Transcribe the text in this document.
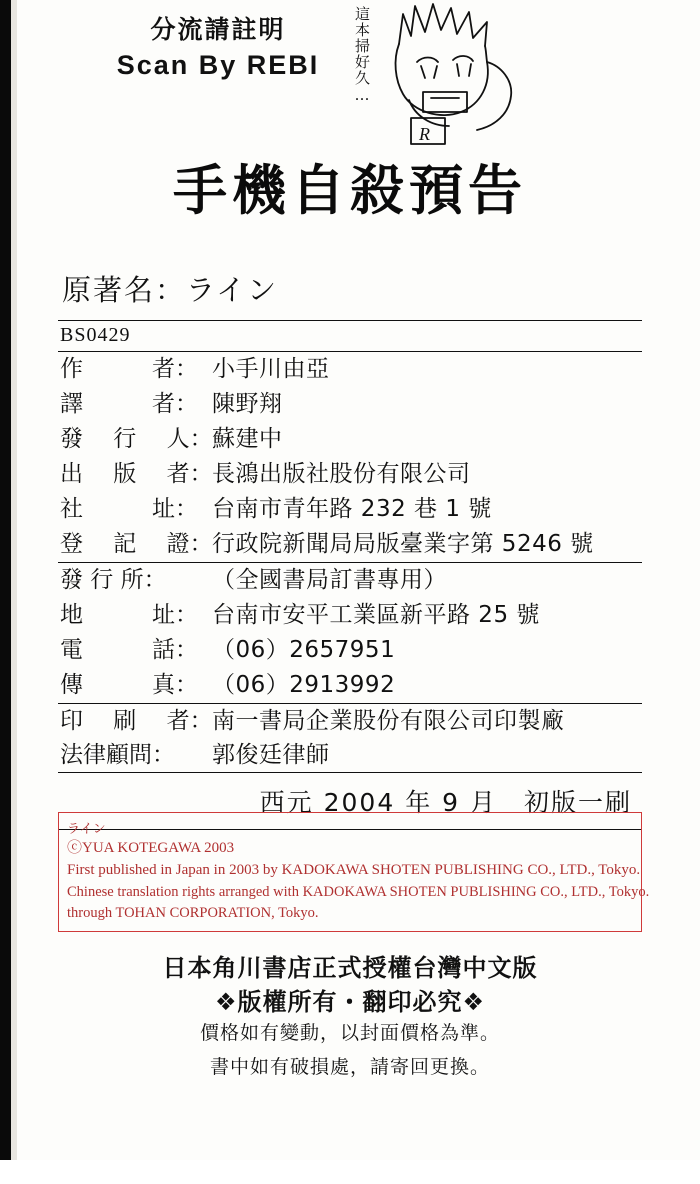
分流請註明
Scan By REBI
R
這本掃好久…
手機自殺預告
原著名：ライン
BS0429
作　　　者： 小手川由亞
譯　　　者： 陳野翔
發 　行 　人： 蘇建中
出 　版 　者： 長鴻出版社股份有限公司
社　　　址： 台南市青年路 232 巷 1 號
登 　記 　證： 行政院新聞局局版臺業字第 5246 號
發 行 所：	（全國書局訂書專用）
地　　　址： 台南市安平工業區新平路 25 號
電　　　話： （06）2657951
傳　　　真： （06）2913992
印 　刷 　者： 南一書局企業股份有限公司印製廠
法律顧問：	郭俊廷律師
西元 2004 年 9 月　初版一刷
ライン
ⓒYUA KOTEGAWA 2003
First published in Japan in 2003 by KADOKAWA SHOTEN PUBLISHING CO., LTD., Tokyo.
Chinese translation rights arranged with KADOKAWA SHOTEN PUBLISHING CO., LTD., Tokyo.
through TOHAN CORPORATION, Tokyo.
日本角川書店正式授權台灣中文版
❖版權所有・翻印必究❖
價格如有變動，以封面價格為準。
書中如有破損處，請寄回更換。
